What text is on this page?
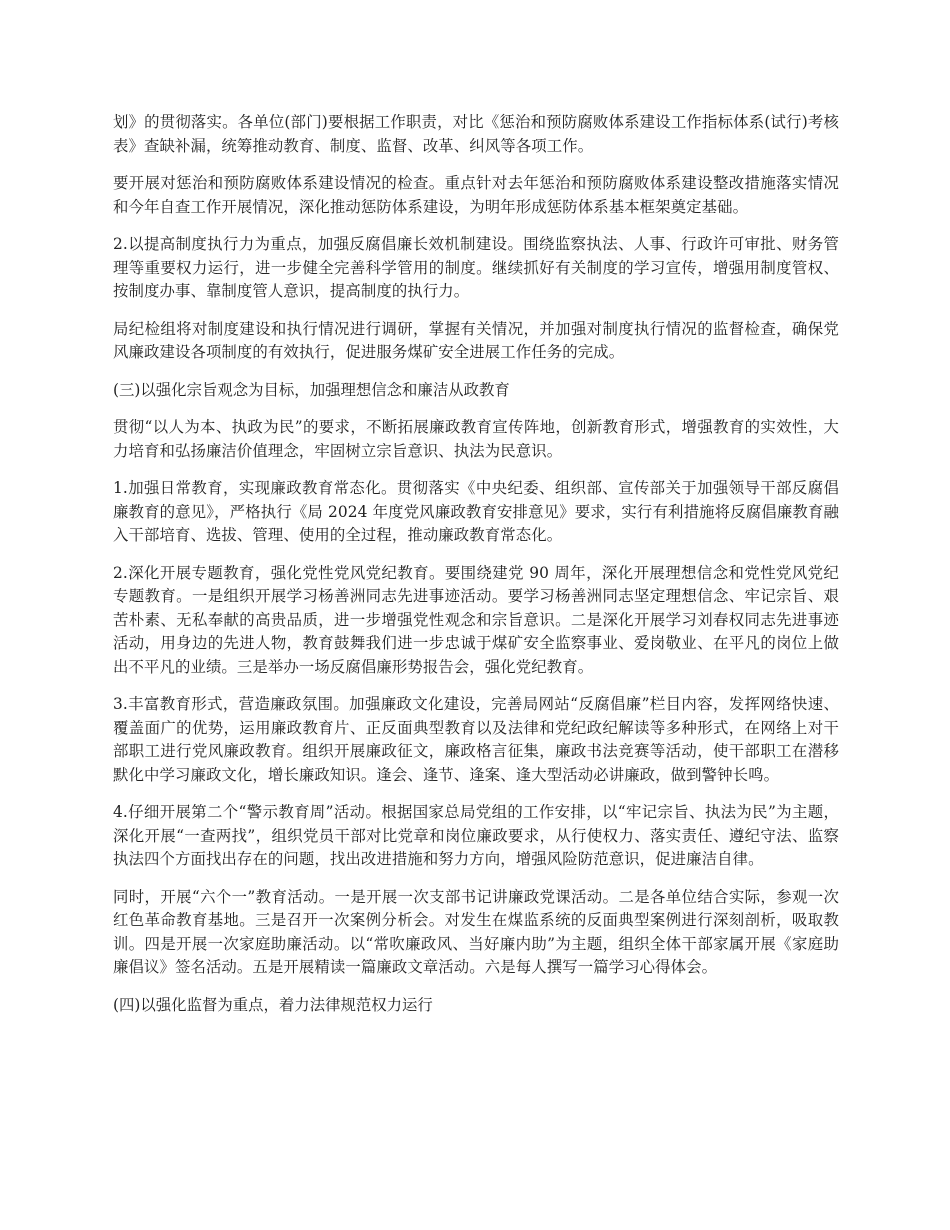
划》的贯彻落实。各单位(部门)要根据工作职责，对比《惩治和预防腐败体系建设工作指标体系(试行)考核表》查缺补漏，统筹推动教育、制度、监督、改革、纠风等各项工作。

要开展对惩治和预防腐败体系建设情况的检查。重点针对去年惩治和预防腐败体系建设整改措施落实情况和今年自查工作开展情况，深化推动惩防体系建设，为明年形成惩防体系基本框架奠定基础。

2.以提高制度执行力为重点，加强反腐倡廉长效机制建设。围绕监察执法、人事、行政许可审批、财务管理等重要权力运行，进一步健全完善科学管用的制度。继续抓好有关制度的学习宣传，增强用制度管权、按制度办事、靠制度管人意识，提高制度的执行力。

局纪检组将对制度建设和执行情况进行调研，掌握有关情况，并加强对制度执行情况的监督检查，确保党风廉政建设各项制度的有效执行，促进服务煤矿安全进展工作任务的完成。

(三)以强化宗旨观念为目标，加强理想信念和廉洁从政教育

贯彻“以人为本、执政为民”的要求，不断拓展廉政教育宣传阵地，创新教育形式，增强教育的实效性，大力培育和弘扬廉洁价值理念，牢固树立宗旨意识、执法为民意识。

1.加强日常教育，实现廉政教育常态化。贯彻落实《中央纪委、组织部、宣传部关于加强领导干部反腐倡廉教育的意见》，严格执行《局 2024 年度党风廉政教育安排意见》要求，实行有利措施将反腐倡廉教育融入干部培育、选拔、管理、使用的全过程，推动廉政教育常态化。

2.深化开展专题教育，强化党性党风党纪教育。要围绕建党 90 周年，深化开展理想信念和党性党风党纪专题教育。一是组织开展学习杨善洲同志先进事迹活动。要学习杨善洲同志坚定理想信念、牢记宗旨、艰苦朴素、无私奉献的高贵品质，进一步增强党性观念和宗旨意识。二是深化开展学习刘春权同志先进事迹活动，用身边的先进人物，教育鼓舞我们进一步忠诚于煤矿安全监察事业、爱岗敬业、在平凡的岗位上做出不平凡的业绩。三是举办一场反腐倡廉形势报告会，强化党纪教育。

3.丰富教育形式，营造廉政氛围。加强廉政文化建设，完善局网站“反腐倡廉”栏目内容，发挥网络快速、覆盖面广的优势，运用廉政教育片、正反面典型教育以及法律和党纪政纪解读等多种形式，在网络上对干部职工进行党风廉政教育。组织开展廉政征文，廉政格言征集，廉政书法竞赛等活动，使干部职工在潜移默化中学习廉政文化，增长廉政知识。逢会、逢节、逢案、逢大型活动必讲廉政，做到警钟长鸣。

4.仔细开展第二个“警示教育周”活动。根据国家总局党组的工作安排，以“牢记宗旨、执法为民”为主题，深化开展“一查两找”，组织党员干部对比党章和岗位廉政要求，从行使权力、落实责任、遵纪守法、监察执法四个方面找出存在的问题，找出改进措施和努力方向，增强风险防范意识，促进廉洁自律。

同时，开展“六个一”教育活动。一是开展一次支部书记讲廉政党课活动。二是各单位结合实际，参观一次红色革命教育基地。三是召开一次案例分析会。对发生在煤监系统的反面典型案例进行深刻剖析，吸取教训。四是开展一次家庭助廉活动。以“常吹廉政风、当好廉内助”为主题，组织全体干部家属开展《家庭助廉倡议》签名活动。五是开展精读一篇廉政文章活动。六是每人撰写一篇学习心得体会。

(四)以强化监督为重点，着力法律规范权力运行
